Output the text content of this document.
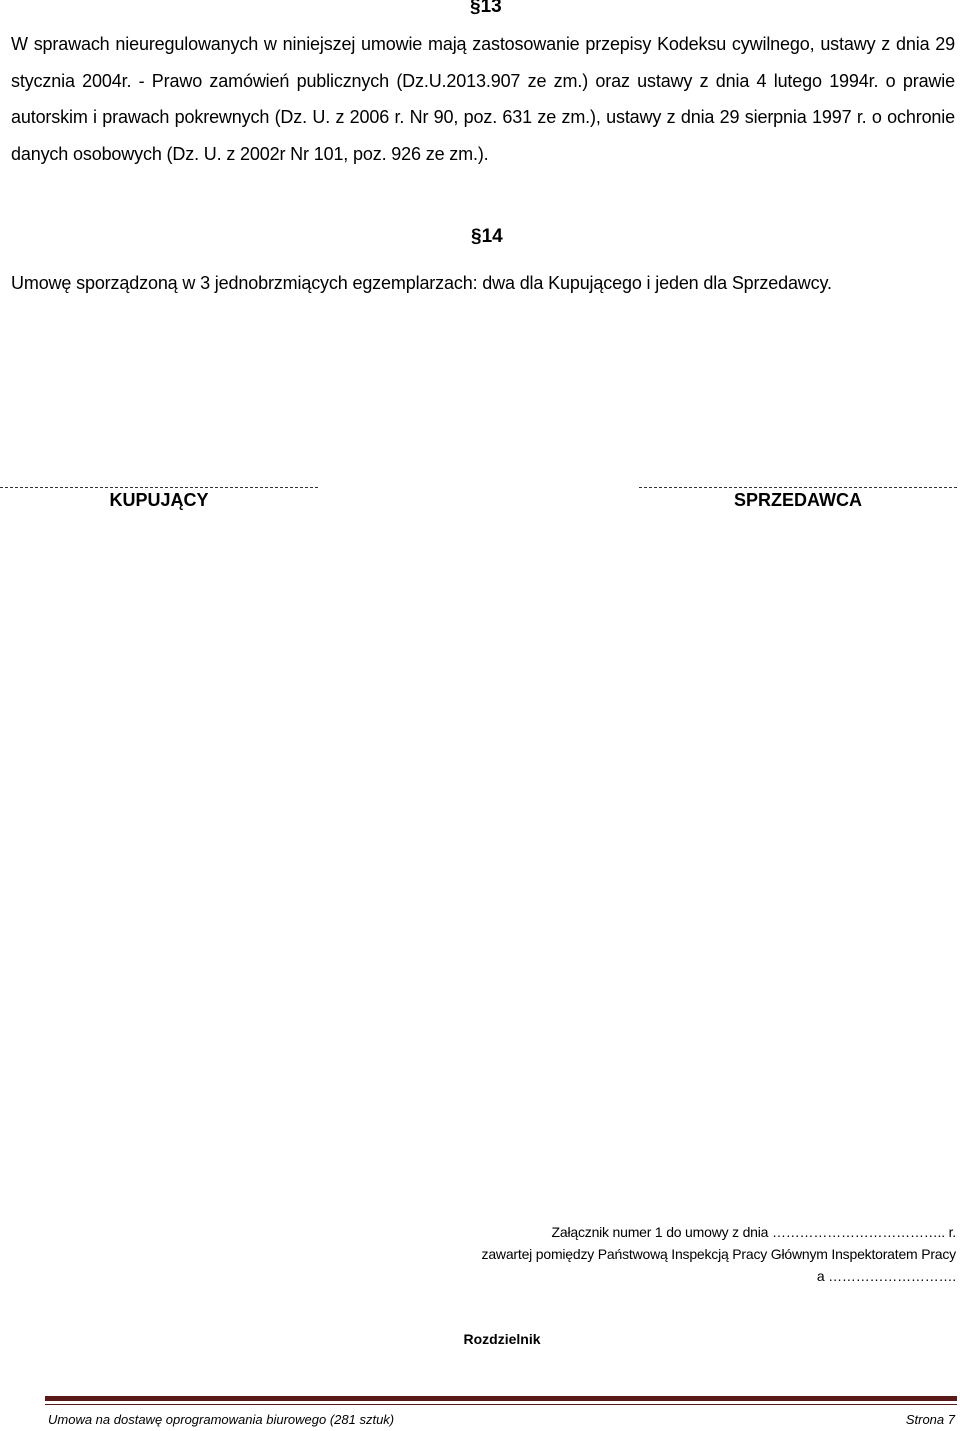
§13
W sprawach nieuregulowanych w niniejszej umowie mają zastosowanie przepisy Kodeksu cywilnego, ustawy z dnia 29 stycznia 2004r. - Prawo zamówień publicznych (Dz.U.2013.907 ze zm.) oraz ustawy z dnia 4 lutego 1994r. o prawie autorskim i prawach pokrewnych (Dz. U. z 2006 r. Nr 90, poz. 631 ze zm.), ustawy z dnia 29 sierpnia 1997 r. o ochronie danych osobowych (Dz. U. z 2002r Nr 101, poz. 926 ze zm.).
§14
Umowę sporządzoną w 3 jednobrzmiących egzemplarzach: dwa dla Kupującego i jeden dla Sprzedawcy.
KUPUJĄCY	SPRZEDAWCA
Załącznik numer 1 do umowy z dnia ……………………………….. r.
zawartej pomiędzy Państwową Inspekcją Pracy Głównym Inspektoratem Pracy
a ……………………….
Rozdzielnik
Umowa na dostawę oprogramowania biurowego (281 sztuk)	Strona 7
